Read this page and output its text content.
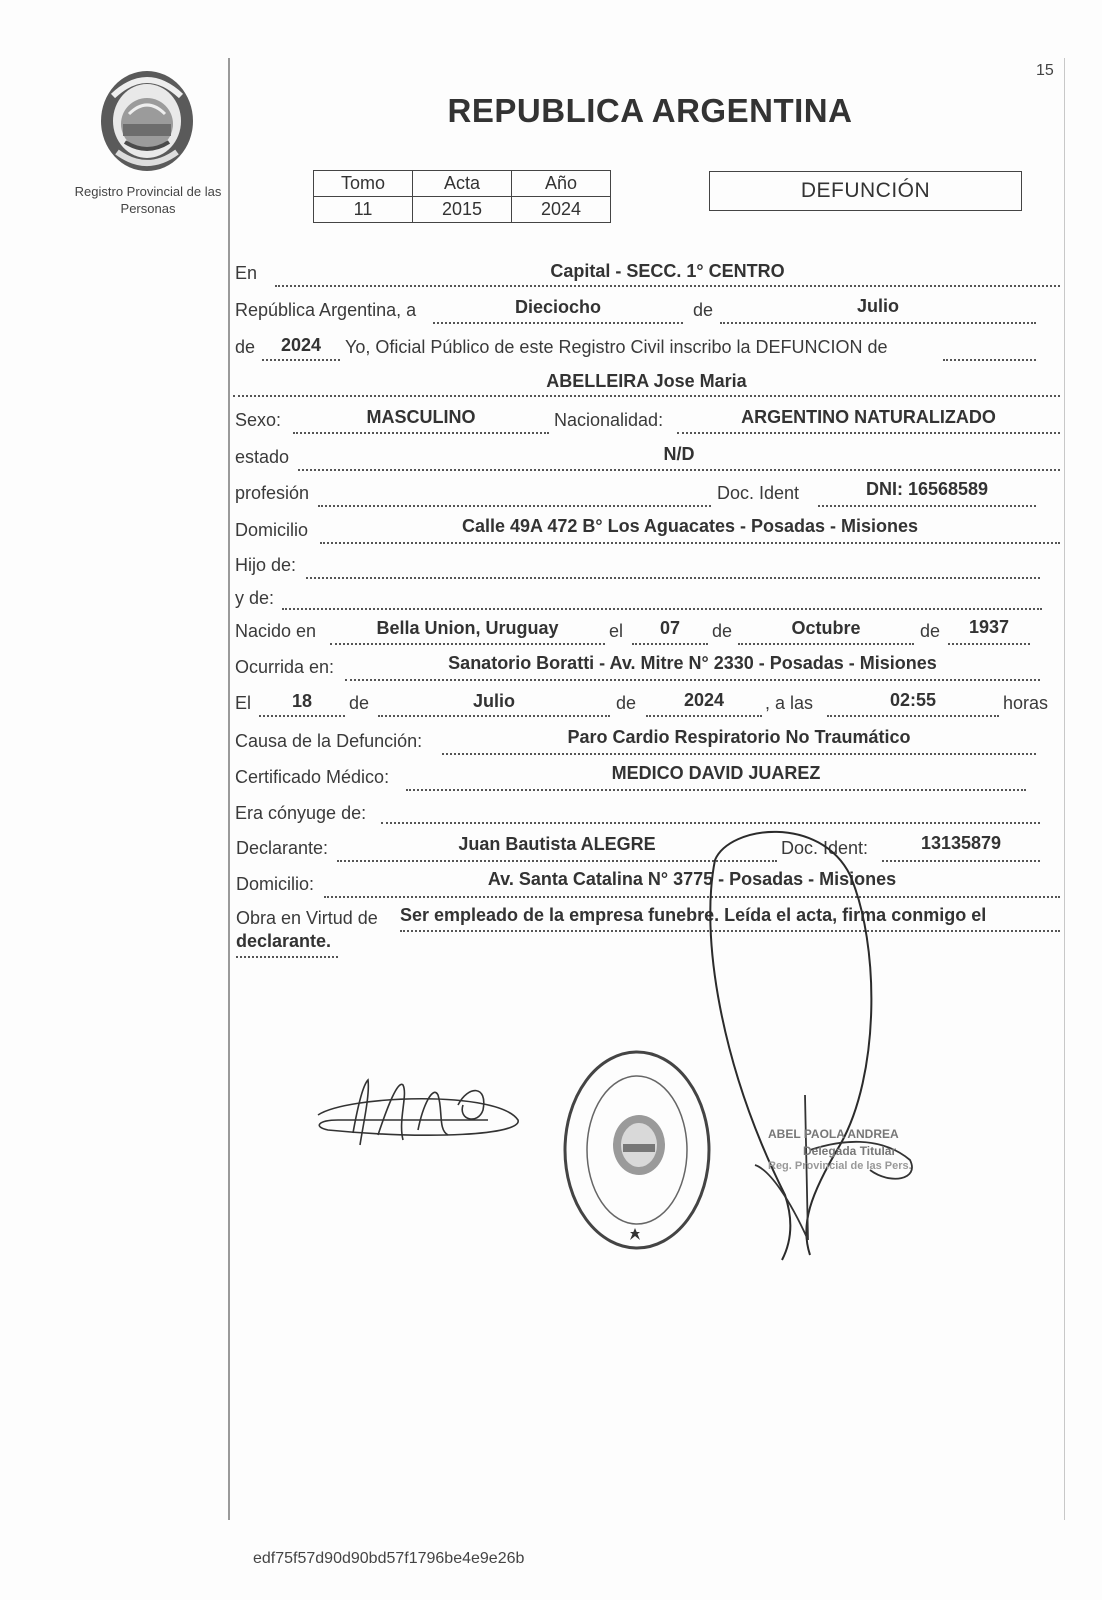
Registro Provincial de las Personas
15
REPUBLICA ARGENTINA
Tomo	Acta	Año
11	2015	2024
DEFUNCIÓN
En	Capital - SECC. 1° CENTRO
República Argentina, a	Dieciocho	de	Julio
de	2024	Yo, Oficial Público de este Registro Civil inscribo la DEFUNCION de
ABELLEIRA Jose Maria
Sexo:	MASCULINO	Nacionalidad:	ARGENTINO NATURALIZADO
estado	N/D
profesión	Doc. Ident	DNI: 16568589
Domicilio	Calle 49A 472 B° Los Aguacates - Posadas - Misiones
Hijo de:
y de:
Nacido en	Bella Union, Uruguay	el	07	de	Octubre	de	1937
Ocurrida en:	Sanatorio Boratti - Av. Mitre N° 2330 - Posadas - Misiones
El	18	de	Julio	de	2024	, a las	02:55	horas
Causa de la Defunción:	Paro Cardio Respiratorio No Traumático
Certificado Médico:	MEDICO DAVID JUAREZ
Era cónyuge de:
Declarante:	Juan Bautista ALEGRE	Doc. Ident:	13135879
Domicilio:	Av. Santa Catalina N° 3775 - Posadas - Misiones
Obra en Virtud de Ser empleado de la empresa funebre. Leída el acta, firma conmigo el
declarante.
ABEL PAOLA ANDREA
Delegada Titular
Reg. Provincial de las Pers.
edf75f57d90d90bd57f1796be4e9e26b
